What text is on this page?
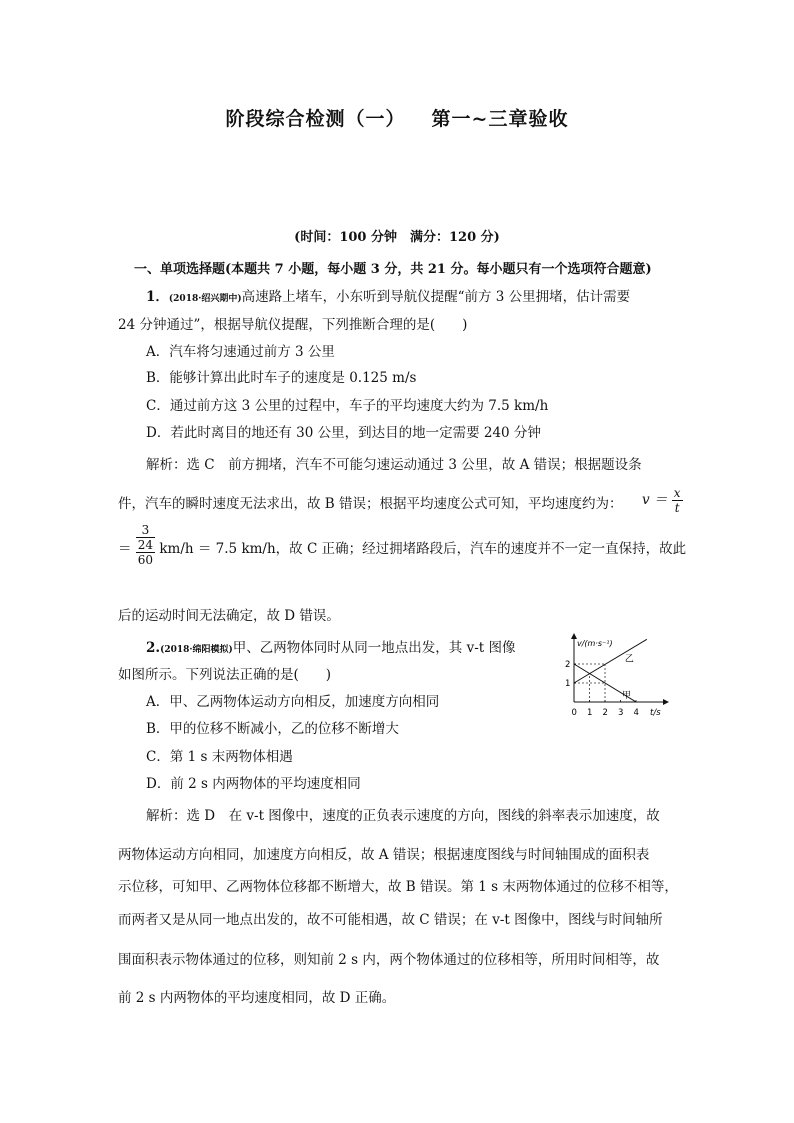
阶段综合检测（一） 第一~三章验收
(时间：100 分钟　满分：120 分)
一、单项选择题(本题共 7 小题，每小题 3 分，共 21 分。每小题只有一个选项符合题意)
1．(2018·绍兴期中)高速路上堵车，小东听到导航仪提醒“前方 3 公里拥堵，估计需要
24 分钟通过”，根据导航仪提醒，下列推断合理的是(　　)
A．汽车将匀速通过前方 3 公里
B．能够计算出此时车子的速度是 0.125 m/s
C．通过前方这 3 公里的过程中，车子的平均速度大约为 7.5 km/h
D．若此时离目的地还有 30 公里，到达目的地一定需要 240 分钟
解析：选 C　前方拥堵，汽车不可能匀速运动通过 3 公里，故 A 错误；根据题设条
件，汽车的瞬时速度无法求出，故 B 错误；根据平均速度公式可知，平均速度约为： $v = \frac{x}{t}$
＝
3
24
60
km/h ＝ 7.5 km/h，故 C 正确；经过拥堵路段后，汽车的速度并不一定一直保持，故此
后的运动时间无法确定，故 D 错误。
2.(2018·绵阳模拟)甲、乙两物体同时从同一地点出发，其 v-t 图像
如图所示。下列说法正确的是(　　)
A．甲、乙两物体运动方向相反，加速度方向相同
B．甲的位移不断减小，乙的位移不断增大
C．第 1 s 末两物体相遇
D．前 2 s 内两物体的平均速度相同
v/(m·s⁻¹)
t/s
甲
乙
0 1 2 3 4
1
2
解析：选 D　在 v-t 图像中，速度的正负表示速度的方向，图线的斜率表示加速度，故
两物体运动方向相同，加速度方向相反，故 A 错误；根据速度图线与时间轴围成的面积表
示位移，可知甲、乙两物体位移都不断增大，故 B 错误。第 1 s 末两物体通过的位移不相等，
而两者又是从同一地点出发的，故不可能相遇，故 C 错误；在 v-t 图像中，图线与时间轴所
围面积表示物体通过的位移，则知前 2 s 内，两个物体通过的位移相等，所用时间相等，故
前 2 s 内两物体的平均速度相同，故 D 正确。
